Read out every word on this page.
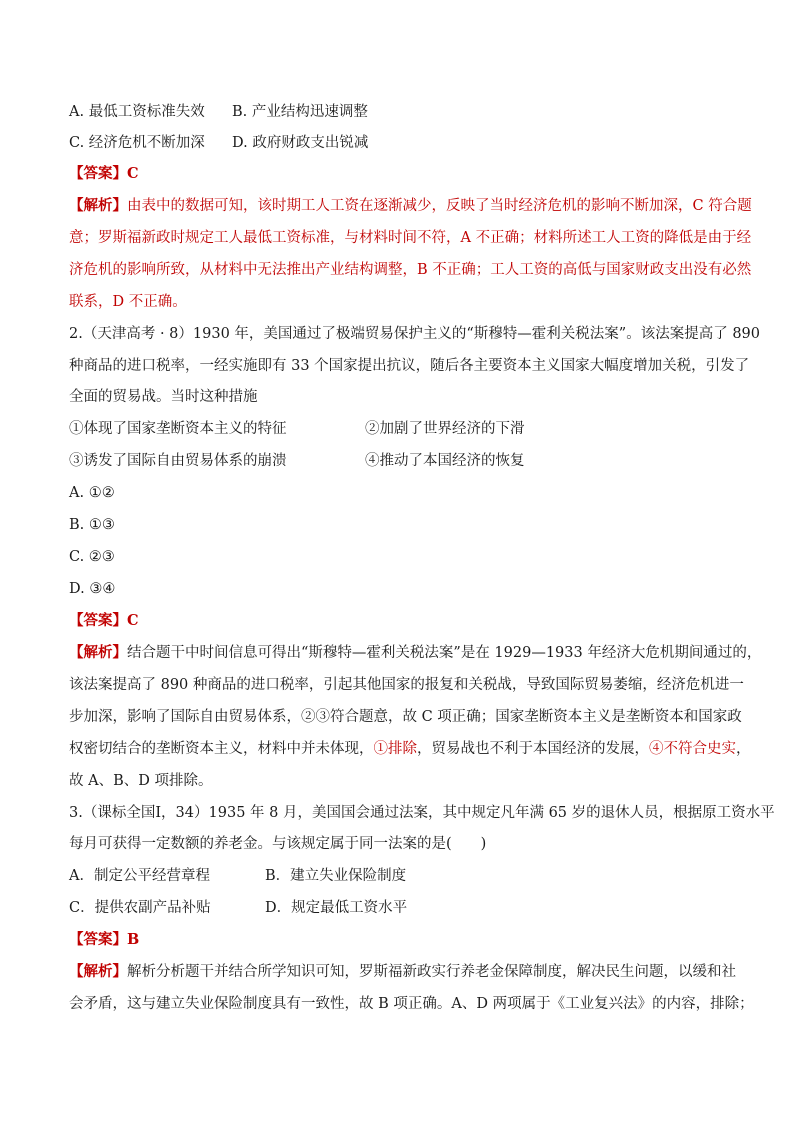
A. 最低工资标准失效 B. 产业结构迅速调整
C. 经济危机不断加深 D. 政府财政支出锐减
【答案】C
【解析】由表中的数据可知，该时期工人工资在逐渐减少，反映了当时经济危机的影响不断加深，C 符合题
意；罗斯福新政时规定工人最低工资标准，与材料时间不符，A 不正确；材料所述工人工资的降低是由于经
济危机的影响所致，从材料中无法推出产业结构调整，B 不正确；工人工资的高低与国家财政支出没有必然
联系，D 不正确。
2.（天津高考 · 8）1930 年，美国通过了极端贸易保护主义的“斯穆特—霍利关税法案”。该法案提高了 890
种商品的进口税率，一经实施即有 33 个国家提出抗议，随后各主要资本主义国家大幅度增加关税，引发了
全面的贸易战。当时这种措施
①体现了国家垄断资本主义的特征	②加剧了世界经济的下滑
③诱发了国际自由贸易体系的崩溃	④推动了本国经济的恢复
A. ①②
B. ①③
C. ②③
D. ③④
【答案】C
【解析】结合题干中时间信息可得出“斯穆特—霍利关税法案”是在 1929—1933 年经济大危机期间通过的，
该法案提高了 890 种商品的进口税率，引起其他国家的报复和关税战，导致国际贸易萎缩，经济危机进一
步加深，影响了国际自由贸易体系，②③符合题意，故 C 项正确；国家垄断资本主义是垄断资本和国家政
权密切结合的垄断资本主义，材料中并未体现，①排除，贸易战也不利于本国经济的发展，④不符合史实，
故 A、B、D 项排除。
3.（课标全国Ⅰ，34）1935 年 8 月，美国国会通过法案，其中规定凡年满 65 岁的退休人员，根据原工资水平
每月可获得一定数额的养老金。与该规定属于同一法案的是(　　)
A．制定公平经营章程	B．建立失业保险制度
C．提供农副产品补贴	D．规定最低工资水平
【答案】B
【解析】解析分析题干并结合所学知识可知，罗斯福新政实行养老金保障制度，解决民生问题，以缓和社
会矛盾，这与建立失业保险制度具有一致性，故 B 项正确。A、D 两项属于《工业复兴法》的内容，排除；
